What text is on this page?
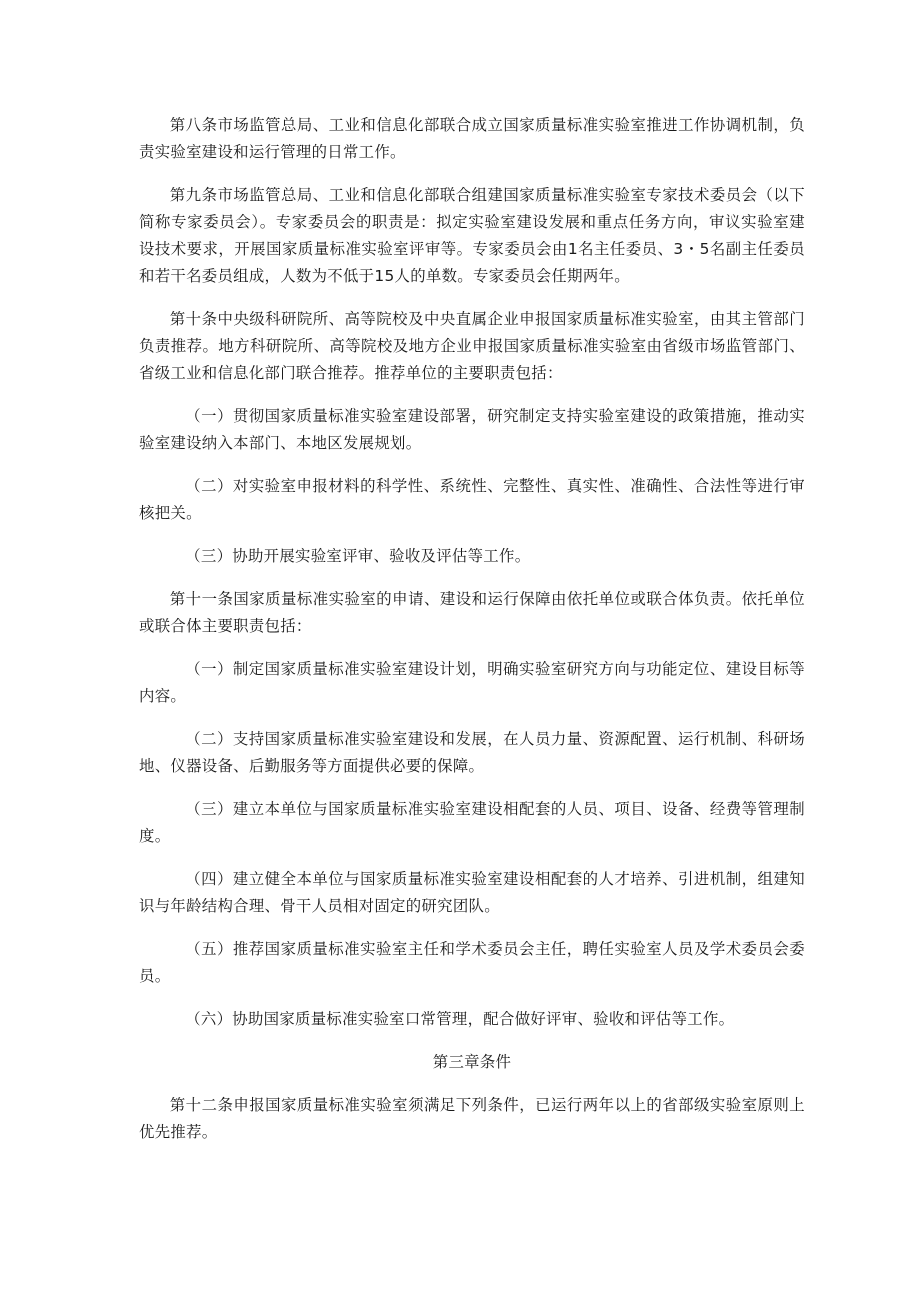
第八条市场监管总局、工业和信息化部联合成立国家质量标准实验室推进工作协调机制，负责实验室建设和运行管理的日常工作。

第九条市场监管总局、工业和信息化部联合组建国家质量标准实验室专家技术委员会（以下简称专家委员会）。专家委员会的职责是：拟定实验室建设发展和重点任务方向，审议实验室建设技术要求，开展国家质量标准实验室评审等。专家委员会由1名主任委员、3・5名副主任委员和若干名委员组成，人数为不低于15人的单数。专家委员会任期两年。

第十条中央级科研院所、高等院校及中央直属企业申报国家质量标准实验室，由其主管部门负责推荐。地方科研院所、高等院校及地方企业申报国家质量标准实验室由省级市场监管部门、省级工业和信息化部门联合推荐。推荐单位的主要职责包括：

（一）贯彻国家质量标准实验室建设部署，研究制定支持实验室建设的政策措施，推动实验室建设纳入本部门、本地区发展规划。

（二）对实验室申报材料的科学性、系统性、完整性、真实性、准确性、合法性等进行审核把关。

（三）协助开展实验室评审、验收及评估等工作。

第十一条国家质量标准实验室的申请、建设和运行保障由依托单位或联合体负责。依托单位或联合体主要职责包括：

（一）制定国家质量标准实验室建设计划，明确实验室研究方向与功能定位、建设目标等内容。

（二）支持国家质量标准实验室建设和发展，在人员力量、资源配置、运行机制、科研场地、仪器设备、后勤服务等方面提供必要的保障。

（三）建立本单位与国家质量标准实验室建设相配套的人员、项目、设备、经费等管理制度。

（四）建立健全本单位与国家质量标准实验室建设相配套的人才培养、引进机制，组建知识与年龄结构合理、骨干人员相对固定的研究团队。

（五）推荐国家质量标准实验室主任和学术委员会主任，聘任实验室人员及学术委员会委员。

（六）协助国家质量标准实验室口常管理，配合做好评审、验收和评估等工作。

第三章条件

第十二条申报国家质量标准实验室须满足下列条件，已运行两年以上的省部级实验室原则上优先推荐。
